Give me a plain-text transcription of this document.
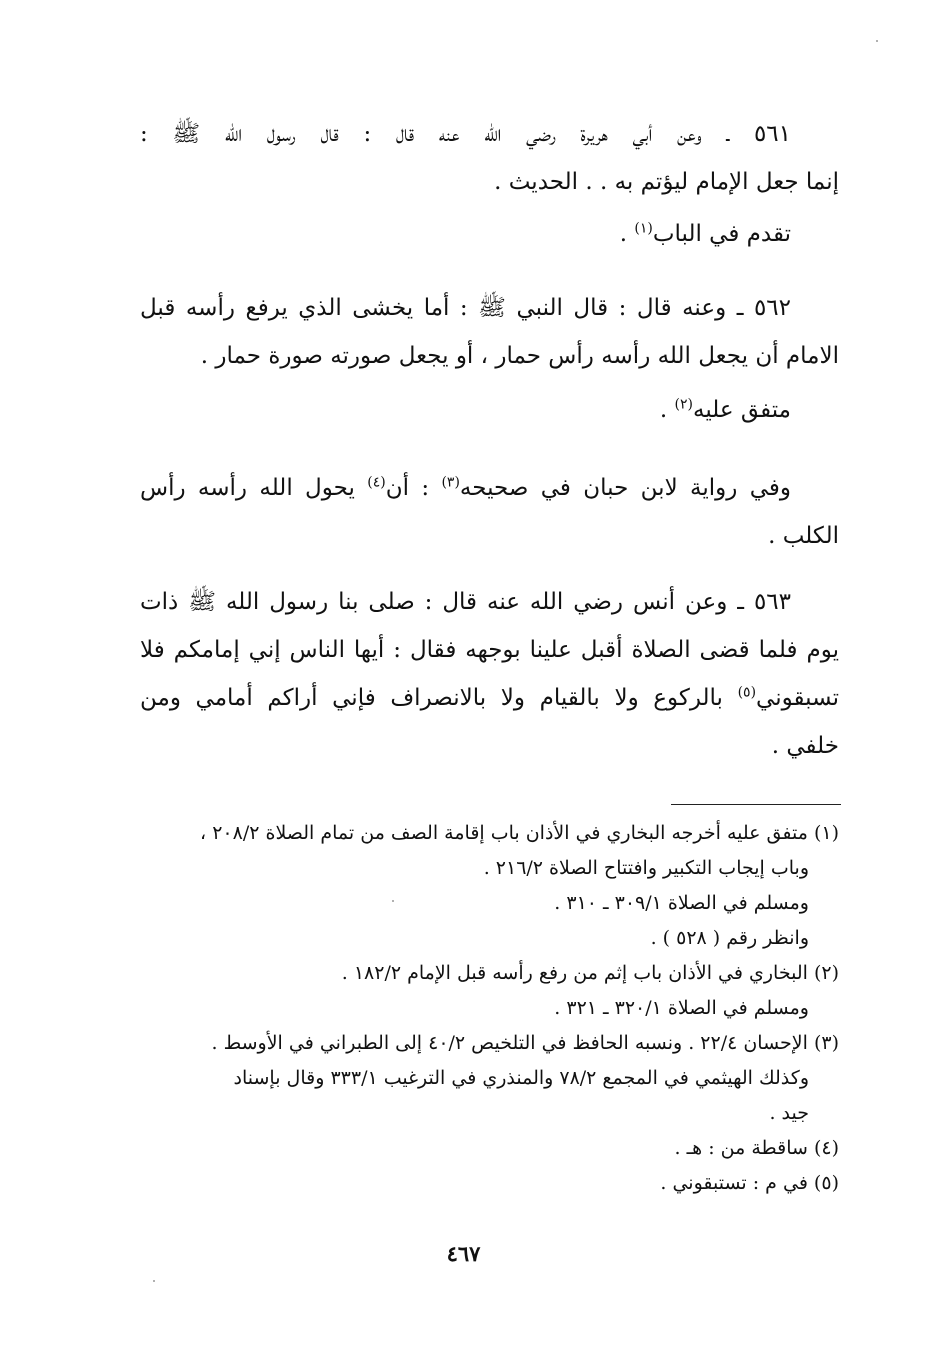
٥٦١ ـ وعن أبي هريرة رضي الله عنه قال : قال رسول الله ﷺ :
إنما جعل الإمام ليؤتم به . . الحديث .
تقدم في الباب$^{(١)}$ .
٥٦٢ ـ وعنه قال : قال النبي ﷺ : أما يخشى الذي يرفع رأسه قبل
الامام أن يجعل الله رأسه رأس حمار ، أو يجعل صورته صورة حمار .
متفق عليه$^{(٢)}$ .
وفي رواية لابن حبان في صحيحه$^{(٣)}$ : أن$^{(٤)}$ يحول الله رأسه رأس
الكلب .
٥٦٣ ـ وعن أنس رضي الله عنه قال : صلى بنا رسول الله ﷺ ذات
يوم فلما قضى الصلاة أقبل علينا بوجهه فقال : أيها الناس إني إمامكم فلا
تسبقوني$^{(٥)}$ بالركوع ولا بالقيام ولا بالانصراف فإني أراكم أمامي ومن
خلفي .
(١) متفق عليه أخرجه البخاري في الأذان باب إقامة الصف من تمام الصلاة ٢٠٨/٢ ،
وباب إيجاب التكبير وافتتاح الصلاة ٢١٦/٢ .
ومسلم في الصلاة ٣٠٩/١ ـ ٣١٠ .
وانظر رقم ( ٥٢٨ ) .
(٢) البخاري في الأذان باب إثم من رفع رأسه قبل الإمام ١٨٢/٢ .
ومسلم في الصلاة ٣٢٠/١ ـ ٣٢١ .
(٣) الإحسان ٢٢/٤ . ونسبه الحافظ في التلخيص ٤٠/٢ إلى الطبراني في الأوسط .
وكذلك الهيثمي في المجمع ٧٨/٢ والمنذري في الترغيب ٣٣٣/١ وقال بإسناد
جيد .
(٤) ساقطة من : هـ .
(٥) في م : تستبقوني .
٤٦٧
